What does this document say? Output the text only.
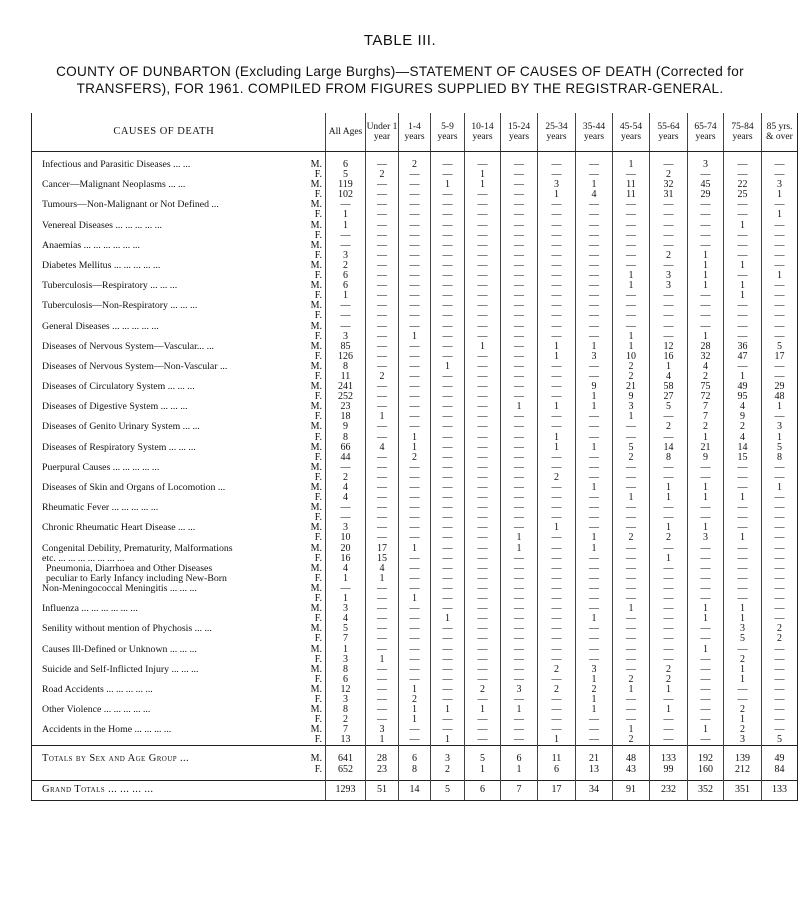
TABLE III.
COUNTY OF DUNBARTON (Excluding Large Burghs)—STATEMENT OF CAUSES OF DEATH (Corrected for
TRANSFERS), FOR 1961. COMPILED FROM FIGURES SUPPLIED BY THE REGISTRAR-GENERAL.
CAUSES OF DEATH		All Ages	Under 1 year	1-4 years	5-9 years	10-14 years	15-24 years	25-34 years	35-44 years	45-54 years	55-64 years	65-74 years	75-84 years	85 yrs. & over
Infectious and Parasitic Diseases ... ...	M.	6	—	2	—	—	—	—	—	1	—	3	—	—
	F.	5	2	—	—	1	—	—	—	—	2	—	—	—
Cancer—Malignant Neoplasms ... ...	M.	119	—	—	1	1	—	3	1	11	32	45	22	3
	F.	102	—	—	—	—	—	1	4	11	31	29	25	1
Tumours—Non-Malignant or Not Defined ...	M.	—	—	—	—	—	—	—	—	—	—	—	—	—
	F.	1	—	—	—	—	—	—	—	—	—	—	—	1
Venereal Diseases ... ... ... ... ...	M.	1	—	—	—	—	—	—	—	—	—	—	1	—
	F.	—	—	—	—	—	—	—	—	—	—	—	—	—
Anaemias ... ... ... ... ... ...	M.	—	—	—	—	—	—	—	—	—	—	—	—	—
	F.	3	—	—	—	—	—	—	—	—	2	1	—	—
Diabetes Mellitus ... ... ... ... ...	M.	2	—	—	—	—	—	—	—	—	—	1	1	—
	F.	6	—	—	—	—	—	—	—	1	3	1	—	1
Tuberculosis—Respiratory ... ... ...	M.	6	—	—	—	—	—	—	—	1	3	1	1	—
	F.	1	—	—	—	—	—	—	—	—	—	—	1	—
Tuberculosis—Non-Respiratory ... ... ...	M.	—	—	—	—	—	—	—	—	—	—	—	—	—
	F.	—	—	—	—	—	—	—	—	—	—	—	—	—
General Diseases ... ... ... ... ...	M.	—	—	—	—	—	—	—	—	—	—	—	—	—
	F.	3	—	1	—	—	—	—	—	1	—	1	—	—
Diseases of Nervous System—Vascular... ...	M.	85	—	—	—	1	—	1	1	1	12	28	36	5
	F.	126	—	—	—	—	—	1	3	10	16	32	47	17
Diseases of Nervous System—Non-Vascular ...	M.	8	—	—	1	—	—	—	—	2	1	4	—	—
	F.	11	2	—	—	—	—	—	—	2	4	2	1	—
Diseases of Circulatory System ... ... ...	M.	241	—	—	—	—	—	—	9	21	58	75	49	29
	F.	252	—	—	—	—	—	—	1	9	27	72	95	48
Diseases of Digestive System ... ... ...	M.	23	—	—	—	—	1	1	1	3	5	7	4	1
	F.	18	1	—	—	—	—	—	—	1	—	7	9	—
Diseases of Genito Urinary System ... ...	M.	9	—	—	—	—	—	—	—	—	2	2	2	3
	F.	8	—	1	—	—	—	1	—	—	—	1	4	1
Diseases of Respiratory System ... ... ...	M.	66	4	1	—	—	—	1	1	5	14	21	14	5
	F.	44	—	2	—	—	—	—	—	2	8	9	15	8
Puerpural Causes ... ... ... ... ...	M.	—	—	—	—	—	—	—	—	—	—	—	—	—
	F.	2	—	—	—	—	—	2	—	—	—	—	—	—
Diseases of Skin and Organs of Locomotion ...	M.	4	—	—	—	—	—	—	1	—	1	1	—	1
	F.	4	—	—	—	—	—	—	—	1	1	1	1	—
Rheumatic Fever ... ... ... ... ...	M.	—	—	—	—	—	—	—	—	—	—	—	—	—
	F.	—	—	—	—	—	—	—	—	—	—	—	—	—
Chronic Rheumatic Heart Disease ... ...	M.	3	—	—	—	—	—	1	—	—	1	1	—	—
	F.	10	—	—	—	—	1	—	1	2	2	3	1	—
Congenital Debility, Prematurity, Malformations	M.	20	17	1	—	—	1	—	1	—	—	—	—	—
etc. ... ... ... ... ... ... ...	F.	16	15	—	—	—	—	—	—	—	1	—	—	—
Pneumonia, Diarrhoea and Other Diseases	M.	4	4	—	—	—	—	—	—	—	—	—	—	—
peculiar to Early Infancy including New-Born	F.	1	1	—	—	—	—	—	—	—	—	—	—	—
Non-Meningococcal Meningitis ... ... ...	M.	—	—	—	—	—	—	—	—	—	—	—	—	—
	F.	1	—	1	—	—	—	—	—	—	—	—	—	—
Influenza ... ... ... ... ... ...	M.	3	—	—	—	—	—	—	—	1	—	1	1	—
	F.	4	—	—	1	—	—	—	1	—	—	1	1	—
Senility without mention of Phychosis ... ...	M.	5	—	—	—	—	—	—	—	—	—	—	3	2
	F.	7	—	—	—	—	—	—	—	—	—	—	5	2
Causes Ill-Defined or Unknown ... ... ...	M.	1	—	—	—	—	—	—	—	—	—	1	—	—
	F.	3	1	—	—	—	—	—	—	—	—	—	2	—
Suicide and Self-Inflicted Injury ... ... ...	M.	8	—	—	—	—	—	2	3	—	2	—	1	—
	F.	6	—	—	—	—	—	—	1	2	2	—	1	—
Road Accidents ... ... ... ... ...	M.	12	—	1	—	2	3	2	2	1	1	—	—	—
	F.	3	—	2	—	—	—	—	1	—	—	—	—	—
Other Violence ... ... ... ... ...	M.	8	—	1	1	1	1	—	1	—	1	—	2	—
	F.	2	—	1	—	—	—	—	—	—	—	—	1	—
Accidents in the Home ... ... ... ...	M.	7	3	—	—	—	—	—	—	1	—	1	2	—
	F.	13	1	—	1	—	—	1	—	2	—	—	3	5
Totals by Sex and Age Group ...	M.	641	28	6	3	5	6	11	21	48	133	192	139	49
	F.	652	23	8	2	1	1	6	13	43	99	160	212	84
Grand Totals ... ... ... ...		1293	51	14	5	6	7	17	34	91	232	352	351	133
